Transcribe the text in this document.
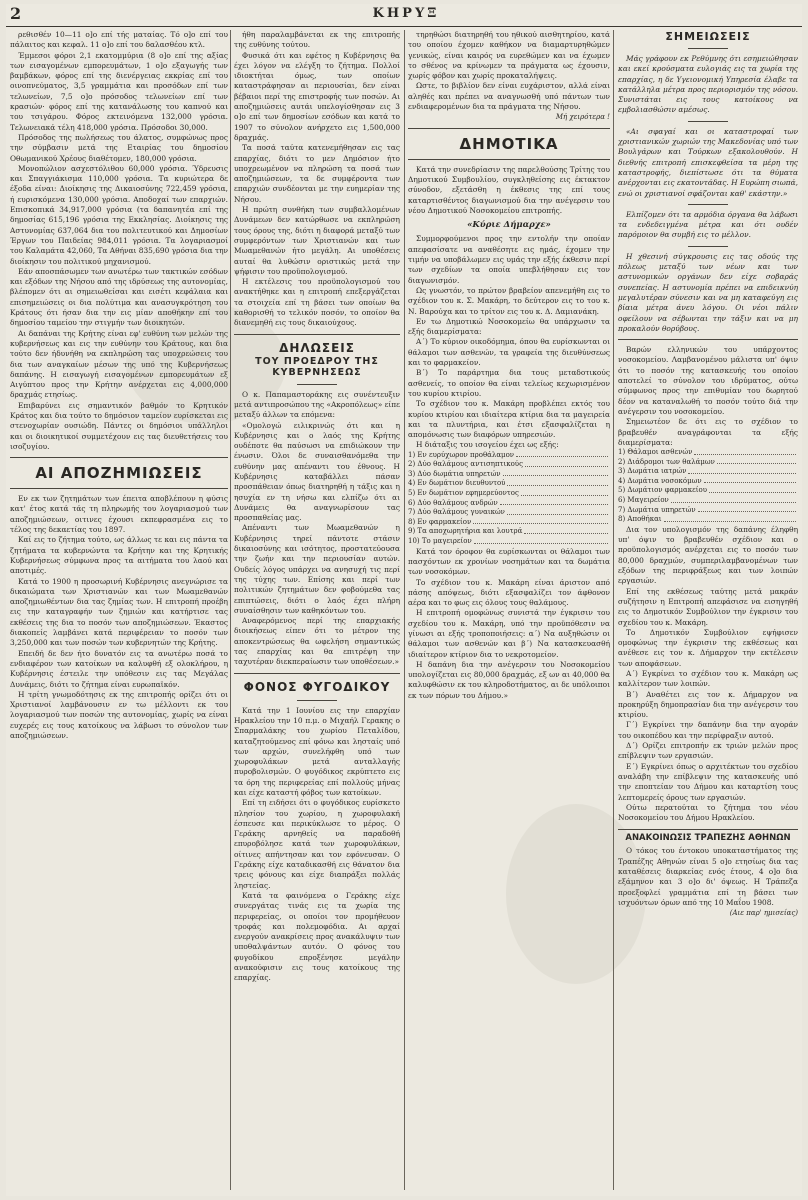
2	ΚΗΡΥΞ

ρεθισθέν 10—11 ο]ο επί τής ματαίας. Τό ο]ο επί του πάλαιτος και κεφαλ. 11 ο]ο επί του δαλασθέου κτλ.

Έμμεσοι φόροι 2,1 εκατομμύρια (8 ο]ο επί της αξίας των εισαγομένων εμπορευμάτων, 1 ο]ο εξαγωγής των βαμβάκων, φόρος επί της διενέργειας εκκρίας επί του οινοπνεύματος, 3,5 γραμμάτια και προσόδων επί των τελωνείων, 7,5 ο]ο πρόσοδος τελωνείων επί των κρασιών· φόρος επί της κατανάλωσης του καπνού και του τσιγάρου. Φόρος εκτεινόμενα 132,000 γρόσια. Τελωνειακά τέλη 418,000 γρόσια. Πρόσοδοι 30,000.

Πρόσοδος της πωλήσεως του άλατος, συμφώνως προς την σύμβασιν μετά της Εταιρίας του δημοσίου Οθωμανικού Χρέους διαθέτομεν, 180,000 γρόσια.

Μονοπώλιον ασχεστόλιθου 60,000 γρόσια. Ύδρευσις και Σπαγγιάκισμα 110,000 γρόσια. Τα κυριώτερα δε έξοδα είναι: Διοίκησις της Δικαιοσύνης 722,459 γρόσια, ή ευρισκόμενα 130,000 γρόσια. Αποδοχαί των επαρχιών. Επισκοπικά 34,917,000 γρόσια (τα δαπανητέα επί της δημοσίας 615,196 γρόσια της Εκκλησίας. Διοίκησις της Αστυνομίας 637,064 δια του πολιτευτικού και Δημοσίων Έργων του Παιδείας 984,011 γρόσια. Τα λογαριασμοί του Καλαμάτα 42,060, Τα Αθήναι 835,690 γρόσια δια την διοίκησιν του πολιτικού μηχανισμού.

Εάν αποσπάσωμεν των ανωτέρω των τακτικών εσόδων και εξόδων της Νήσου από της ιδρύσεως της αυτονομίας, βλέπομεν ότι αι σημειωθείσαι και εισέτι κεφάλαια και επισημειώσεις οι δια πολύτιμα και ανασυγκρότηση του Κράτους ότι ήσαν δια την εις μίαν αποθήκην επί του δημοσίου ταμείου την στιγμήν των διοικητών.

Αι δαπάναι της Κρήτης είναι εφ' ευθύνη των μελών της κυβερνήσεως και εις την ευθύνην του Κράτους, και δια τούτο δεν ήδυνήθη να εκπληρώση τας υποχρεώσεις του δια των αναγκαίων μέσων της υπό της Κυβερνήσεως δαπάνης. Η εισαγωγή εισαγομένων εμπορευμάτων εξ Αιγύπτου προς την Κρήτην ανέρχεται εις 4,000,000 δραχμάς ετησίως.

Επιβαρύνει εις σημαντικόν βαθμόν το Κρητικόν Κράτος και δια τούτο το δημόσιον ταμείον ευρίσκεται εις στενοχωρίαν ουσιώδη. Πάντες οι δημόσιοι υπάλληλοι και οι διοικητικοί συμμετέχουν εις τας διευθετήσεις του ισοζυγίου.

ΑΙ ΑΠΟΖΗΜΙΩΣΕΙΣ

Εν εκ των ζητημάτων των έπειτα αποβλέπουν η φύσις κατ' έτος κατά τάς τη πληρωμής του λογαριασμού των αποζημιώσεων, οιτινες έχουσι εκπεφρασμένα εις το τέλος της δεκαετίας του 1897.

Καί εις το ζήτημα τούτο, ως άλλως τε και εις πάντα τα ζητήματα τα κυβερνώντα τα Κρήτην και της Κρητικής Κυβερνήσεως σύμφωνα προς τα αιτήματα του λαού και αποτιμές.

Κατά το 1900 η προσωρινή Κυβέρνησις ανεγνώρισε τα δικαιώματα των Χριστιανών και των Μωαμεθανών αποζημιωθέντων δια τας ζημίας των. Η επιτροπή προέβη εις την καταγραφήν των ζημιών και κατήρτισε τας εκθέσεις της δια το ποσόν των αποζημιώσεων. Έκαστος διακοπείς λαμβάνει κατά περιφέρειαν το ποσόν των 3,250,000 και των ποσών των κυβερνητών της Κρήτης.

Επειδή δε δεν ήτο δυνατόν εις τα ανωτέρω ποσά το ενδιαφέρον των κατοίκων να καλυφθή εξ ολοκλήρου, η Κυβέρνησις έστειλε την υπόθεσιν εις τας Μεγάλας Δυνάμεις, διότι το ζήτημα είναι ευρωπαϊκόν.

Η τρίτη γνωμοδότησις εκ της επιτροπής ορίζει ότι οι Χριστιανοί λαμβάνουσιν εν τω μέλλοντι εκ του λογαριασμού των ποσών της αυτονομίας, χωρίς να είναι ευχερές εις τους κατοίκους να λάβωσι το σύνολον των αποζημιώσεων.

ήθη παραλαμβάνεται εκ της επιτροπής της ευθύνης τούτου.

Φυσικά ότι και εφέτος η Κυβέρνησις θα έχει λόγον να ελέγξη το ζήτημα. Πολλοί ιδιοκτήται όμως, των οποίων καταστράφησαν αι περιουσίαι, δεν είναι βέβαιοι περί της επιστροφής των ποσών. Αι αποζημιώσεις αυτάι υπελογίσθησαν εις 3 ο]ο επί των δημοσίων εσόδων και κατά το 1907 το σύνολον ανήρχετο εις 1,500,000 δραχμάς.

Τα ποσά ταύτα κατενεμήθησαν εις τας επαρχίας, διότι το μεν Δημόσιον ήτο υποχρεωμένον να πληρώση τα ποσά των αποζημιώσεων, τα δε συμφέροντα των επαρχιών συνδέονται με την ευημερίαν της Νήσου.

Η πρώτη συνθήκη των συμβαλλομένων Δυνάμεων δεν κατώρθωσε να εκπληρώση τους όρους της, διότι η διαφορά μεταξύ των συμφερόντων των Χριστιανών και των Μωαμεθανών ήτο μεγάλη. Αι υποθέσεις αυταί θα λυθώσιν οριστικώς μετά την ψήφισιν του προϋπολογισμού.

Η εκτέλεσις του προϋπολογισμού του ανακτήθηκε και η επιτροπή επεξεργάζεται τα στοιχεία επί τη βάσει των οποίων θα καθορισθή το τελικόν ποσόν, το οποίον θα διανεμηθή εις τους δικαιούχους.

ΔΗΛΩΣΕΙΣ
ΤΟΥ ΠΡΟΕΔΡΟΥ ΤΗΣ ΚΥΒΕΡΝΗΣΕΩΣ

Ο κ. Παπαμαστοράκης εις συνέντευξιν μετά αντιπροσώπου της «Ακροπόλεως» είπε μεταξύ άλλων τα επόμενα:

«Ομολογώ ειλικρινώς ότι και η Κυβέρνησις και ο λαός της Κρήτης ουδέποτε θα παύσωσι να επιδιώκουν την ένωσιν. Όλοι δε συναισθανόμεθα την ευθύνην μας απέναντι του έθνους. Η Κυβέρνησις καταβάλλει πάσαν προσπάθειαν όπως διατηρηθή η τάξις και η ησυχία εν τη νήσω και ελπίζω ότι αι Δυνάμεις θα αναγνωρίσουν τας προσπαθείας μας.

Απέναντι των Μωαμεθανών η Κυβέρνησις τηρεί πάντοτε στάσιν δικαιοσύνης και ισότητος, προστατεύουσα την ζωήν και την περιουσίαν αυτών. Ουδείς λόγος υπάρχει να ανησυχή τις περί της τύχης των. Επίσης και περί των πολιτικών ζητημάτων δεν φοβούμεθα τας επιπτώσεις, διότι ο λαός έχει πλήρη συναίσθησιν των καθηκόντων του.

Αναφερόμενος περί της επαρχιακής διοικήσεως είπεν ότι το μέτρον της αποκεντρώσεως θα ωφελήση σημαντικώς τας επαρχίας και θα επιτρέψη την ταχυτέραν διεκπεραίωσιν των υποθέσεων.»

ΦΟΝΟΣ ΦΥΓΟΔΙΚΟΥ

Κατά την 1 Ιουνίου εις την επαρχίαν Ηρακλείου την 10 π.μ. ο Μιχαήλ Γερακης ο Σπαρμαλάκης του χωρίου Πεταλίδου, καταζητούμενος επί φόνω και λησταίς υπό των αρχών, συνελήφθη υπό των χωροφυλάκων μετά ανταλλαγής πυροβολισμών. Ο φυγόδικος εκρύπτετο εις τα όρη της περιφερείας επί πολλούς μήνας και είχε καταστή φόβος των κατοίκων.

Επί τη ειδήσει ότι ο φυγόδικος ευρίσκετο πλησίον του χωρίου, η χωροφυλακή έσπευσε και περικύκλωσε το μέρος. Ο Γεράκης αρνηθείς να παραδοθή επυροβόλησε κατά των χωροφυλάκων, οίτινες απήντησαν και τον εφόνευσαν. Ο Γεράκης είχε καταδικασθή εις θάνατον δια τρεις φόνους και είχε διαπράξει πολλάς ληστείας.

Κατά τα φαινόμενα ο Γεράκης είχε συνεργάτας τινάς εις τα χωρία της περιφερείας, οι οποίοι τον προμήθευον τροφάς και πολεμοφόδια. Αι αρχαί ενεργούν ανακρίσεις προς ανακάλυψιν των υποθαλψάντων αυτόν. Ο φόνος του φυγοδίκου επροξένησε μεγάλην ανακούφισιν εις τους κατοίκους της επαρχίας.

τηρηθώσι διατηρηθή του ηθικού αισθητηρίου, κατά του οποίου έχομεν καθήκον να διαμαρτυρηθώμεν γενικώς, είναι καιρός να ευρεθώμεν και να έχωμεν το σθένος να κρίνωμεν τα πράγματα ως έχουσιν, χωρίς φόβον και χωρίς προκαταλήψεις.

Ωστε, το βιβλίον δεν είναι ευχάριστον, αλλά είναι αληθές και πρέπει να αναγνωσθή υπό πάντων των ενδιαφερομένων δια τα πράγματα της Νήσου.

Μή χειρότερα !

ΔΗΜΟΤΙΚΑ

Κατά την συνεδρίασιν της παρελθούσης Τρίτης του Δημοτικού Συμβουλίου, συγκληθείσης εις έκτακτον σύνοδον, εξετάσθη η έκθεσις της επί τους καταρτισθέντος διαγωνισμού δια την ανέγερσιν του νέου Δημοτικού Νοσοκομείου επιτροπής.

«Κύριε Δήμαρχε»

Συμμορφούμενοι προς την εντολήν την οποίαν απεφασίσατε να αναθέσητε εις ημάς, έχομεν την τιμήν να υποβάλωμεν εις υμάς την εξής έκθεσιν περί των σχεδίων τα οποία υπεβλήθησαν εις τον διαγωνισμόν.

Ως γνωστόν, το πρώτον βραβείον απενεμήθη εις το σχέδιον του κ. Σ. Μακάρη, το δεύτερον εις το του κ. Ν. Βαρούχα και το τρίτον εις του κ. Δ. Δαμιανάκη.

Εν τω Δημοτικώ Νοσοκομείω θα υπάρχωσιν τα εξής διαμερίσματα:

Α΄) Το κύριον οικοδόμημα, όπου θα ευρίσκωνται οι θάλαμοι των ασθενών, τα γραφεία της διευθύνσεως και το φαρμακείον.

Β΄) Το παράρτημα δια τους μεταδοτικούς ασθενείς, το οποίον θα είναι τελείως κεχωρισμένον του κυρίου κτιρίου.

Το σχέδιον του κ. Μακάρη προβλέπει εκτός του κυρίου κτιρίου και ιδιαίτερα κτίρια δια τα μαγειρεία και τα πλυντήρια, και έτσι εξασφαλίζεται η απομόνωσις των διαφόρων υπηρεσιών.

Η διάταξις του ισογείου έχει ως εξής:

1) Εν ευρύχωρον προθάλαμον
2) Δύο θαλάμους αντισηπτικούς
3) Δύο δωμάτια υπηρετών
4) Εν δωμάτιον διευθυντού
5) Εν δωμάτιον εφημερεύοντος
6) Δύο θαλάμους ανδρών
7) Δύο θαλάμους γυναικών
8) Εν φαρμακείον
9) Τα αποχωρητήρια και λουτρά
10) Το μαγειρείον

Κατά τον όροφον θα ευρίσκωνται οι θάλαμοι των πασχόντων εκ χρονίων νοσημάτων και τα δωμάτια των νοσοκόμων.

Το σχέδιον του κ. Μακάρη είναι άριστον από πάσης απόψεως, διότι εξασφαλίζει τον άφθονον αέρα και το φως εις όλους τους θαλάμους.

Η επιτροπή ομοφώνως συνιστά την έγκρισιν του σχεδίου του κ. Μακάρη, υπό την προϋπόθεσιν να γίνωσι αι εξής τροποποιήσεις: α΄) Να αυξηθώσιν οι θάλαμοι των ασθενών και β΄) Να κατασκευασθή ιδιαίτερον κτίριον δια το νεκροτομείον.

Η δαπάνη δια την ανέγερσιν του Νοσοκομείου υπολογίζεται εις 80,000 δραχμάς, εξ ων αι 40,000 θα καλυφθώσιν εκ του κληροδοτήματος, αι δε υπόλοιποι εκ των πόρων του Δήμου.»

ΣΗΜΕΙΩΣΕΙΣ

Μάς γράφουν εκ Ρεθύμνης ότι εσημειώθησαν και εκεί κρούσματα ευλογιάς εις τα χωρία της επαρχίας, η δε Υγειονομική Υπηρεσία έλαβε τα κατάλληλα μέτρα προς περιορισμόν της νόσου. Συνιστάται εις τους κατοίκους να εμβολιασθώσιν αμέσως.

«Αι σφαγαί και οι καταστροφαί των χριστιανικών χωριών της Μακεδονίας υπό των Βουλγάρων και Τούρκων εξακολουθούν. Η διεθνής επιτροπή επισκεφθείσα τα μέρη της καταστροφής, διεπίστωσε ότι τα θύματα ανέρχονται εις εκατοντάδας. Η Ευρώπη σιωπά, ενώ οι χριστιανοί σφάζονται καθ' εκάστην.»

Ελπίζομεν ότι τα αρμόδια όργανα θα λάβωσι τα ενδεδειγμένα μέτρα και ότι ουδέν παρόμοιον θα συμβή εις το μέλλον.

Η χθεσινή σύγκρουσις εις τας οδούς της πόλεως μεταξύ των νέων και των αστυνομικών οργάνων δεν είχε σοβαράς συνεπείας. Η αστυνομία πρέπει να επιδεικνύη μεγαλυτέραν σύνεσιν και να μη καταφεύγη εις βίαια μέτρα άνευ λόγου. Οι νέοι πάλιν οφείλουν να σέβωνται την τάξιν και να μη προκαλούν θορύβους.

Βαρών ελληνικών του υπάρχοντος νοσοκομείου. Λαμβανομένου μάλιστα υπ' όψιν ότι το ποσόν της κατασκευής του οποίου αποτελεί το σύνολον του ιδρύματος, ούτω σύμφωνος προς την επιθυμίαν του δωρητού δέον να καταναλωθή το ποσόν τούτο διά την ανέγερσιν του νοσοκομείου.

Σημειωτέον δε ότι εις το σχέδιον το βραβευθέν αναγράφονται τα εξής διαμερίσματα:

1) Θάλαμοι ασθενών
2) Διάδρομοι των θαλάμων
3) Δωμάτια ιατρών
4) Δωμάτια νοσοκόμων
5) Δωμάτιον φαρμακείου
6) Μαγειρείον
7) Δωμάτια υπηρετών
8) Αποθήκαι

Δια τον υπολογισμόν της δαπάνης έληφθη υπ' όψιν το βραβευθέν σχέδιον και ο προϋπολογισμός ανέρχεται εις το ποσόν των 80,000 δραχμών, συμπεριλαμβανομένων των εξόδων της περιφράξεως και των λοιπών εργασιών.

Επί της εκθέσεως ταύτης μετά μακράν συζήτησιν η Επιτροπή απεφάσισε να εισηγηθή εις το Δημοτικόν Συμβούλιον την έγκρισιν του σχεδίου του κ. Μακάρη.

Το Δημοτικόν Συμβούλιον εψήφισεν ομοφώνως την έγκρισιν της εκθέσεως και ανέθεσε εις τον κ. Δήμαρχον την εκτέλεσιν των αποφάσεων.

Α΄) Εγκρίνει το σχέδιον του κ. Μακάρη ως καλλίτερον των λοιπών.

Β΄) Αναθέτει εις τον κ. Δήμαρχον να προκηρύξη δημοπρασίαν δια την ανέγερσιν του κτιρίου.

Γ΄) Εγκρίνει την δαπάνην δια την αγοράν του οικοπέδου και την περίφραξιν αυτού.

Δ΄) Ορίζει επιτροπήν εκ τριών μελών προς επίβλεψιν των εργασιών.

Ε΄) Εγκρίνει όπως ο αρχιτέκτων του σχεδίου αναλάβη την επίβλεψιν της κατασκευής υπό την εποπτείαν του Δήμου και καταρτίση τους λεπτομερείς όρους των εργασιών.

Ούτω περατούται το ζήτημα του νέου Νοσοκομείου του Δήμου Ηρακλείου.

ΑΝΑΚΟΙΝΩΣΙΣ ΤΡΑΠΕΖΗΣ ΑΘΗΝΩΝ

Ο τόκος του έντοκου υποκαταστήματος της Τραπέζης Αθηνών είναι 5 ο]ο ετησίως δια τας καταθέσεις διαρκείας ενός έτους, 4 ο]ο δια εξάμηνον και 3 ο]ο δι' όψεως. Η Τράπεζα προεξοφλεί γραμμάτια επί τη βάσει των ισχυόντων όρων από της 10 Μαΐου 1908.

(Αιε παρ' ημισείας)
